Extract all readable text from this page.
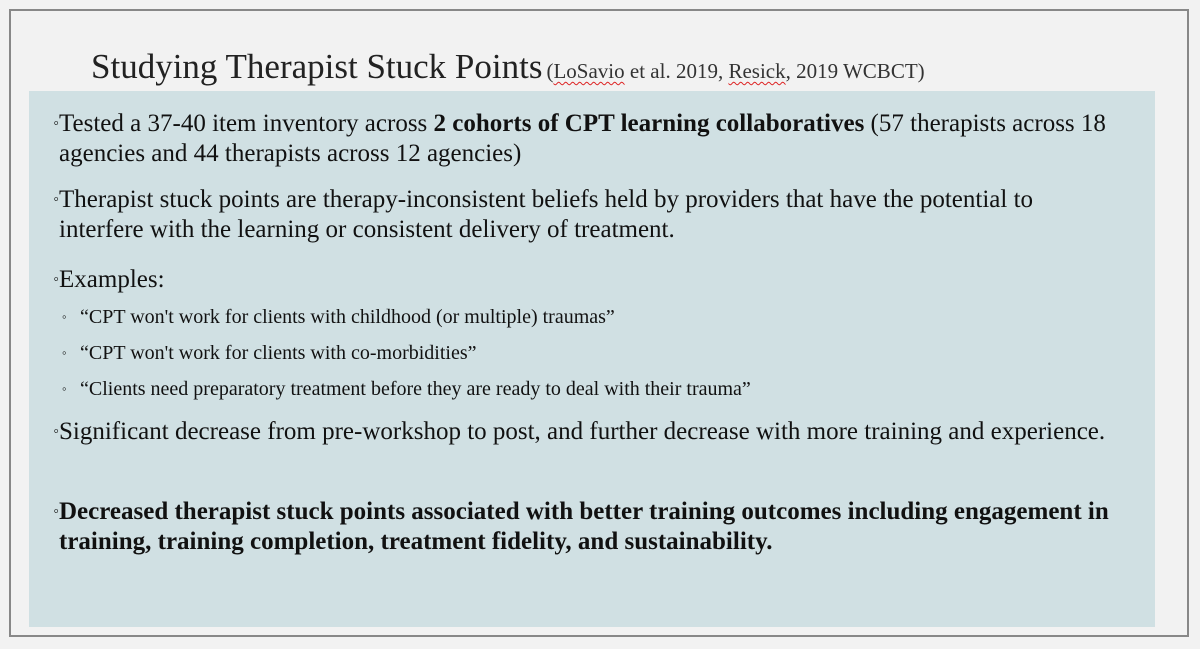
Studying Therapist Stuck Points (LoSavio et al. 2019, Resick, 2019 WCBCT)
◦ Tested a 37-40 item inventory across 2 cohorts of CPT learning collaboratives (57 therapists across 18 agencies and 44 therapists across 12 agencies)
◦ Therapist stuck points are therapy-inconsistent beliefs held by providers that have the potential to interfere with the learning or consistent delivery of treatment.
◦ Examples:
◦ “CPT won't work for clients with childhood (or multiple) traumas”
◦ “CPT won't work for clients with co-morbidities”
◦ “Clients need preparatory treatment before they are ready to deal with their trauma”
◦ Significant decrease from pre-workshop to post, and further decrease with more training and experience.
◦ Decreased therapist stuck points associated with better training outcomes including engagement in training, training completion, treatment fidelity, and sustainability.
